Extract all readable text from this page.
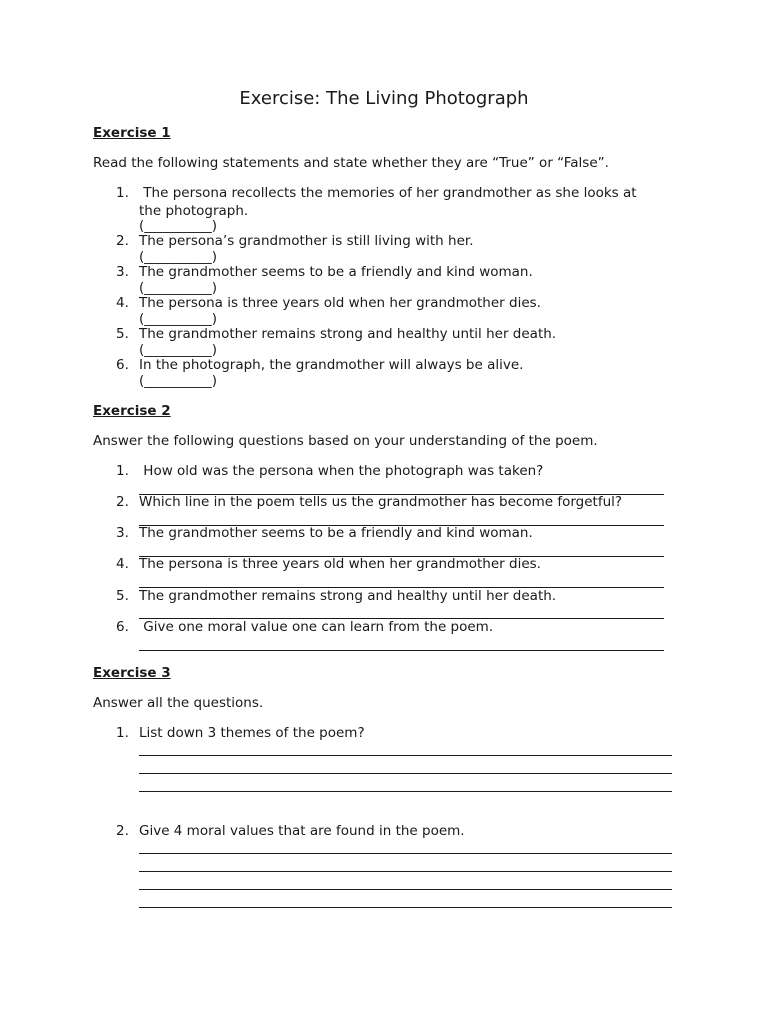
Exercise: The Living Photograph
Exercise 1
Read the following statements and state whether they are “True” or “False”.
1. The persona recollects the memories of her grandmother as she looks at
the photograph.
(__________)
2. The persona’s grandmother is still living with her.
(__________)
3. The grandmother seems to be a friendly and kind woman.
(__________)
4. The persona is three years old when her grandmother dies.
(__________)
5. The grandmother remains strong and healthy until her death.
(__________)
6. In the photograph, the grandmother will always be alive.
(__________)
Exercise 2
Answer the following questions based on your understanding of the poem.
1. How old was the persona when the photograph was taken?
2. Which line in the poem tells us the grandmother has become forgetful?
3. The grandmother seems to be a friendly and kind woman.
4. The persona is three years old when her grandmother dies.
5. The grandmother remains strong and healthy until her death.
6. Give one moral value one can learn from the poem.
Exercise 3
Answer all the questions.
1. List down 3 themes of the poem?
2. Give 4 moral values that are found in the poem.
